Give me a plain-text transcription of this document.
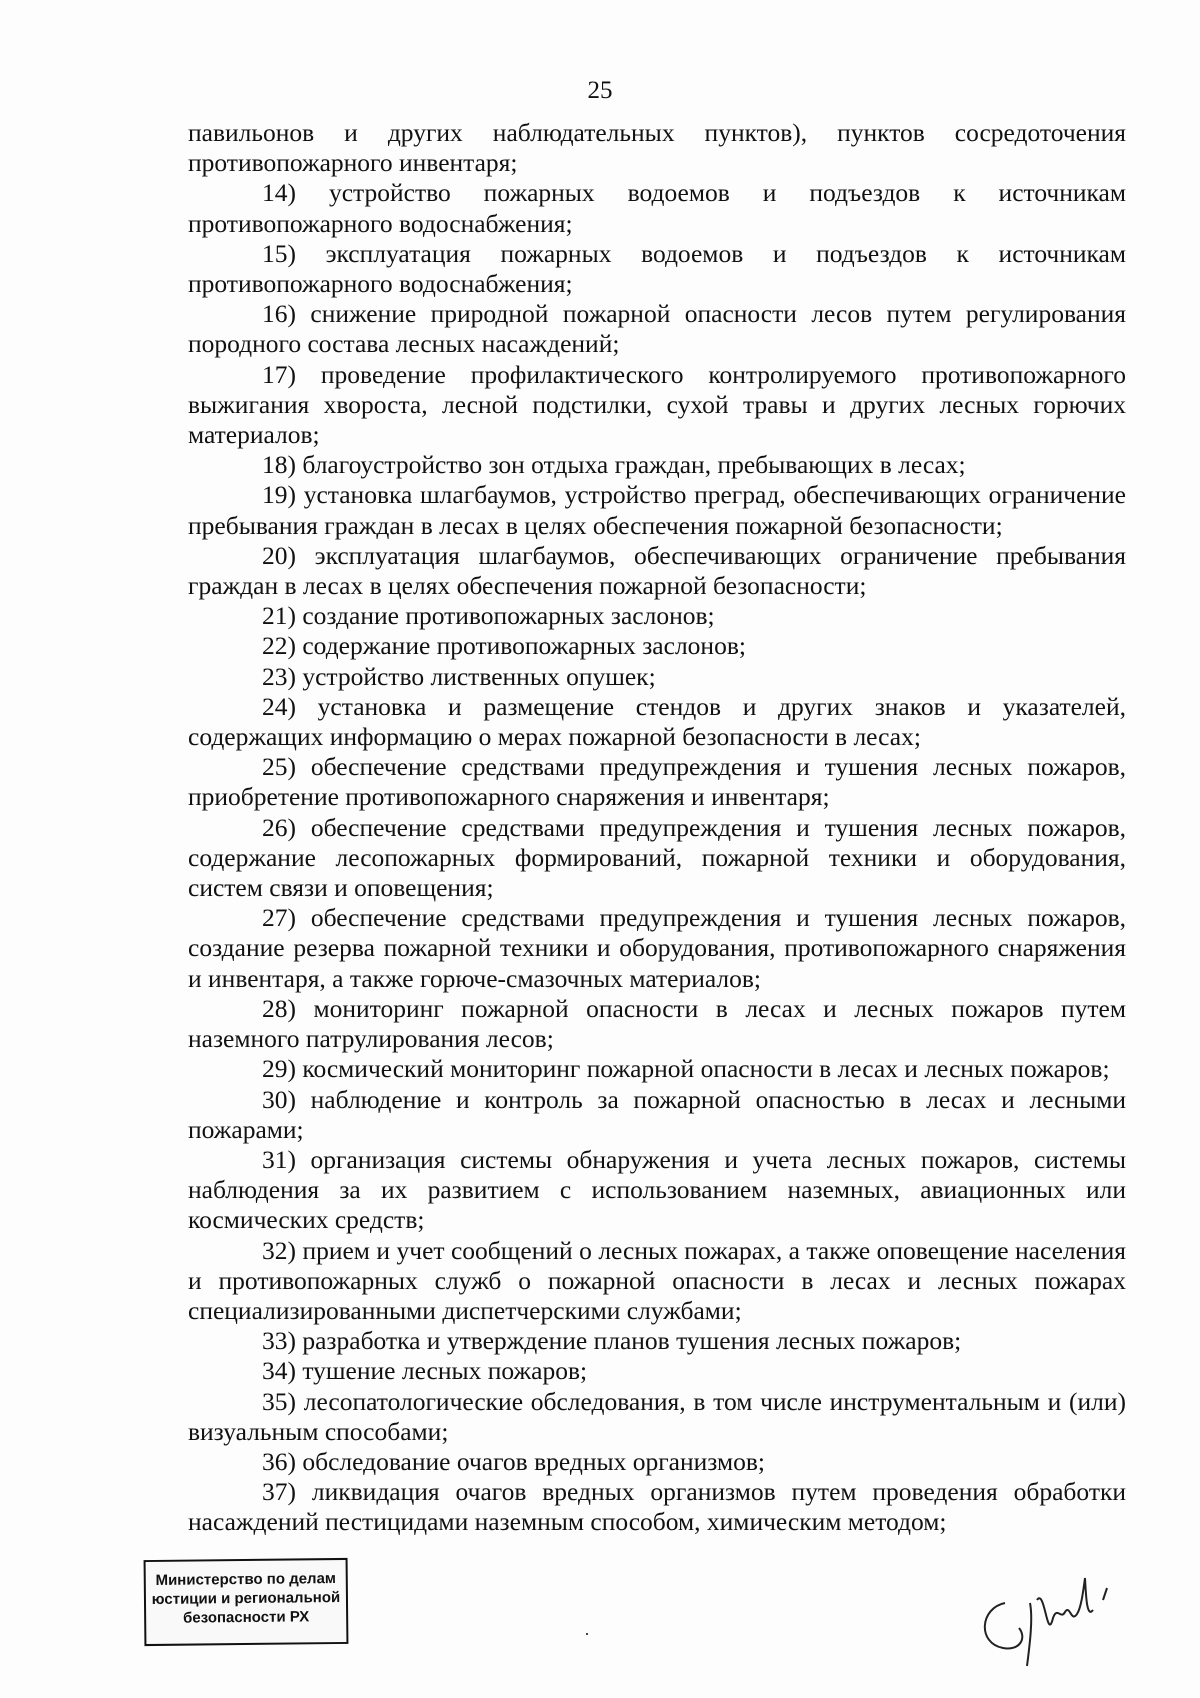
25

павильонов и других наблюдательных пунктов), пунктов сосредоточения противопожарного инвентаря;

14) устройство пожарных водоемов и подъездов к источникам противопожарного водоснабжения;

15) эксплуатация пожарных водоемов и подъездов к источникам противопожарного водоснабжения;

16) снижение природной пожарной опасности лесов путем регулирования породного состава лесных насаждений;

17) проведение профилактического контролируемого противопожарного выжигания хвороста, лесной подстилки, сухой травы и других лесных горючих материалов;

18) благоустройство зон отдыха граждан, пребывающих в лесах;

19) установка шлагбаумов, устройство преград, обеспечивающих ограничение пребывания граждан в лесах в целях обеспечения пожарной безопасности;

20) эксплуатация шлагбаумов, обеспечивающих ограничение пребывания граждан в лесах в целях обеспечения пожарной безопасности;

21) создание противопожарных заслонов;

22) содержание противопожарных заслонов;

23) устройство лиственных опушек;

24) установка и размещение стендов и других знаков и указателей, содержащих информацию о мерах пожарной безопасности в лесах;

25) обеспечение средствами предупреждения и тушения лесных пожаров, приобретение противопожарного снаряжения и инвентаря;

26) обеспечение средствами предупреждения и тушения лесных пожаров, содержание лесопожарных формирований, пожарной техники и оборудования, систем связи и оповещения;

27) обеспечение средствами предупреждения и тушения лесных пожаров, создание резерва пожарной техники и оборудования, противопожарного снаряжения и инвентаря, а также горюче-смазочных материалов;

28) мониторинг пожарной опасности в лесах и лесных пожаров путем наземного патрулирования лесов;

29) космический мониторинг пожарной опасности в лесах и лесных пожаров;

30) наблюдение и контроль за пожарной опасностью в лесах и лесными пожарами;

31) организация системы обнаружения и учета лесных пожаров, системы наблюдения за их развитием с использованием наземных, авиационных или космических средств;

32) прием и учет сообщений о лесных пожарах, а также оповещение населения и противопожарных служб о пожарной опасности в лесах и лесных пожарах специализированными диспетчерскими службами;

33) разработка и утверждение планов тушения лесных пожаров;

34) тушение лесных пожаров;

35) лесопатологические обследования, в том числе инструментальным и (или) визуальным способами;

36) обследование очагов вредных организмов;

37) ликвидация очагов вредных организмов путем проведения обработки насаждений пестицидами наземным способом, химическим методом;

Министерство по делам
юстиции и региональной
безопасности РХ
